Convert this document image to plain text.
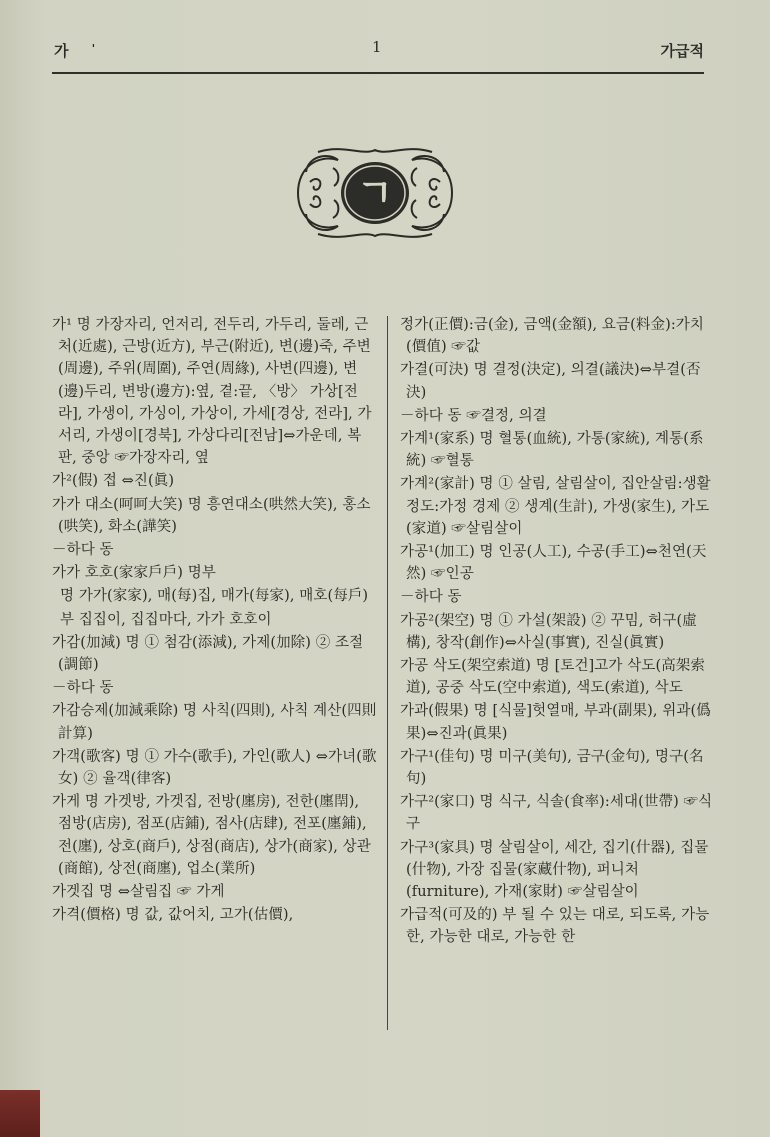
가 '	1	가급적
ㄱ
가¹ 명 가장자리, 언저리, 전두리, 가두리, 둘레, 근처(近處), 근방(近方), 부근(附近), 변(邊)죽, 주변(周邊), 주위(周圍), 주연(周緣), 사변(四邊), 변(邊)두리, 변방(邊方):옆, 곁:끝, 〈방〉 가상[전라], 가생이, 가싱이, 가상이, 가세[경상, 전라], 가서리, 가생이[경북], 가상다리[전남]⇔가운데, 복판, 중앙 ☞가장자리, 옆
가²(假) 접 ⇔진(眞)
가가 대소(呵呵大笑) 명 흥연대소(哄然大笑), 홍소(哄笑), 화소(譁笑)
－하다 동
가가 호호(家家戶戶) 명부
명 가가(家家), 매(每)집, 매가(每家), 매호(每戶)
부 집집이, 집집마다, 가가 호호이
가감(加減) 명 ① 첨감(添減), 가제(加除) ② 조절(調節)
－하다 동
가감승제(加減乘除) 명 사칙(四則), 사칙 계산(四則計算)
가객(歌客) 명 ① 가수(歌手), 가인(歌人) ⇔가녀(歌女) ② 율객(律客)
가게 명 가겟방, 가겟집, 전방(廛房), 전한(廛閈), 점방(店房), 점포(店鋪), 점사(店肆), 전포(廛鋪), 전(廛), 상호(商戶), 상점(商店), 상가(商家), 상관(商館), 상전(商廛), 업소(業所)
가겟집 명 ⇔살림집 ☞ 가게
가격(價格) 명 값, 값어치, 고가(估價),
정가(正價):금(金), 금액(金額), 요금(料金):가치(價值) ☞값
가결(可決) 명 결정(決定), 의결(議決)⇔부결(否決)
－하다 동 ☞결정, 의결
가계¹(家系) 명 혈통(血統), 가통(家統), 계통(系統) ☞혈통
가계²(家計) 명 ① 살림, 살림살이, 집안살림:생활 정도:가정 경제 ② 생계(生計), 가생(家生), 가도(家道) ☞살림살이
가공¹(加工) 명 인공(人工), 수공(手工)⇔천연(天然) ☞인공
－하다 동
가공²(架空) 명 ① 가설(架設) ② 꾸밈, 허구(虛構), 창작(創作)⇔사실(事實), 진실(眞實)
가공 삭도(架空索道) 명 [토건]고가 삭도(高架索道), 공중 삭도(空中索道), 색도(索道), 삭도
가과(假果) 명 [식물]헛열매, 부과(副果), 위과(僞果)⇔진과(眞果)
가구¹(佳句) 명 미구(美句), 금구(金句), 명구(名句)
가구²(家口) 명 식구, 식솔(食率):세대(世帶) ☞식구
가구³(家具) 명 살림살이, 세간, 집기(什器), 집물(什物), 가장 집물(家藏什物), 퍼니처(furniture), 가재(家財) ☞살림살이
가급적(可及的) 부 될 수 있는 대로, 되도록, 가능한, 가능한 대로, 가능한 한
